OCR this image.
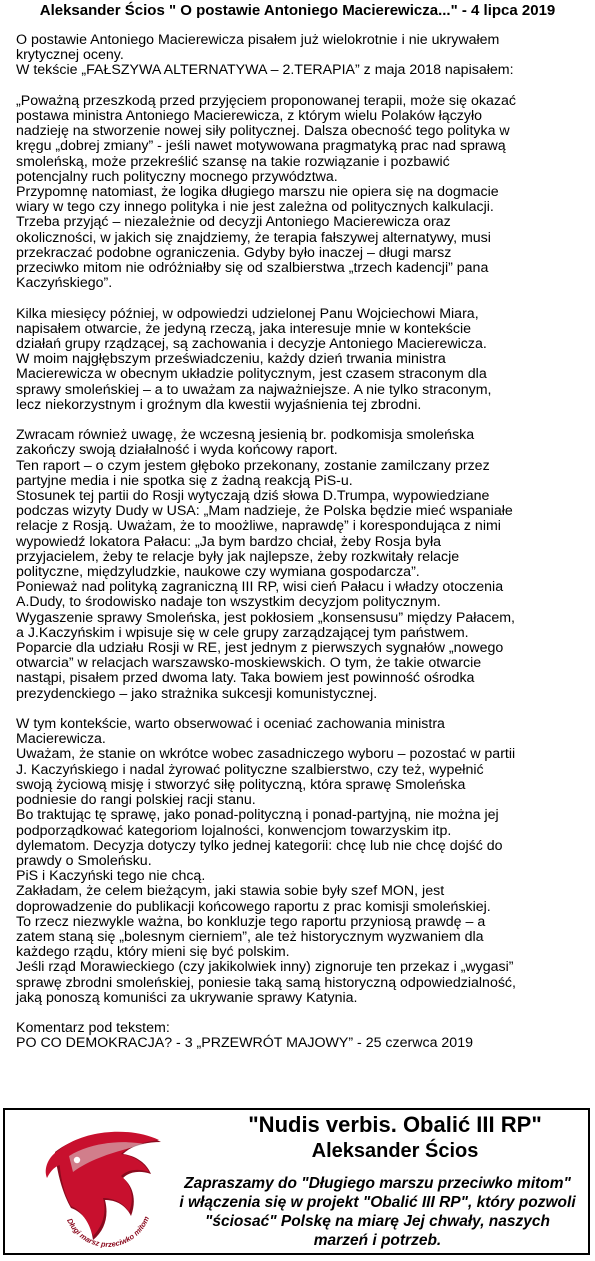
Aleksander Ścios " O postawie Antoniego Macierewicza..." - 4 lipca 2019

O postawie Antoniego Macierewicza pisałem już wielokrotnie i nie ukrywałem
krytycznej oceny.
W tekście „FAŁSZYWA ALTERNATYWA – 2.TERAPIA” z maja 2018 napisałem:

„Poważną przeszkodą przed przyjęciem proponowanej terapii, może się okazać
postawa ministra Antoniego Macierewicza, z którym wielu Polaków łączyło
nadzieję na stworzenie nowej siły politycznej. Dalsza obecność tego polityka w
kręgu „dobrej zmiany” - jeśli nawet motywowana pragmatyką prac nad sprawą
smoleńską, może przekreślić szansę na takie rozwiązanie i pozbawić
potencjalny ruch polityczny mocnego przywództwa.
Przypomnę natomiast, że logika długiego marszu nie opiera się na dogmacie
wiary w tego czy innego polityka i nie jest zależna od politycznych kalkulacji.
Trzeba przyjąć – niezależnie od decyzji Antoniego Macierewicza oraz
okoliczności, w jakich się znajdziemy, że terapia fałszywej alternatywy, musi
przekraczać podobne ograniczenia. Gdyby było inaczej – długi marsz
przeciwko mitom nie odróżniałby się od szalbierstwa „trzech kadencji” pana
Kaczyńskiego”.

Kilka miesięcy później, w odpowiedzi udzielonej Panu Wojciechowi Miara,
napisałem otwarcie, że jedyną rzeczą, jaka interesuje mnie w kontekście
działań grupy rządzącej, są zachowania i decyzje Antoniego Macierewicza.
W moim najgłębszym przeświadczeniu, każdy dzień trwania ministra
Macierewicza w obecnym układzie politycznym, jest czasem straconym dla
sprawy smoleńskiej – a to uważam za najważniejsze. A nie tylko straconym,
lecz niekorzystnym i groźnym dla kwestii wyjaśnienia tej zbrodni.

Zwracam również uwagę, że wczesną jesienią br. podkomisja smoleńska
zakończy swoją działalność i wyda końcowy raport.
Ten raport – o czym jestem głęboko przekonany, zostanie zamilczany przez
partyjne media i nie spotka się z żadną reakcją PiS-u.
Stosunek tej partii do Rosji wytyczają dziś słowa D.Trumpa, wypowiedziane
podczas wizyty Dudy w USA: „Mam nadzieje, że Polska będzie mieć wspaniałe
relacje z Rosją. Uważam, że to moożliwe, naprawdę” i korespondująca z nimi
wypowiedź lokatora Pałacu: „Ja bym bardzo chciał, żeby Rosja była
przyjacielem, żeby te relacje były jak najlepsze, żeby rozkwitały relacje
polityczne, międzyludzkie, naukowe czy wymiana gospodarcza”.
Ponieważ nad polityką zagraniczną III RP, wisi cień Pałacu i władzy otoczenia
A.Dudy, to środowisko nadaje ton wszystkim decyzjom politycznym.
Wygaszenie sprawy Smoleńska, jest pokłosiem „konsensusu” między Pałacem,
a J.Kaczyńskim i wpisuje się w cele grupy zarządzającej tym państwem.
Poparcie dla udziału Rosji w RE, jest jednym z pierwszych sygnałów „nowego
otwarcia” w relacjach warszawsko-moskiewskich. O tym, że takie otwarcie
nastąpi, pisałem przed dwoma laty. Taka bowiem jest powinność ośrodka
prezydenckiego – jako strażnika sukcesji komunistycznej.

W tym kontekście, warto obserwować i oceniać zachowania ministra
Macierewicza.
Uważam, że stanie on wkrótce wobec zasadniczego wyboru – pozostać w partii
J. Kaczyńskiego i nadal żyrować polityczne szalbierstwo, czy też, wypełnić
swoją życiową misję i stworzyć siłę polityczną, która sprawę Smoleńska
podniesie do rangi polskiej racji stanu.
Bo traktując tę sprawę, jako ponad-polityczną i ponad-partyjną, nie można jej
podporządkować kategoriom lojalności, konwencjom towarzyskim itp.
dylematom. Decyzja dotyczy tylko jednej kategorii: chcę lub nie chcę dojść do
prawdy o Smoleńsku.
PiS i Kaczyński tego nie chcą.
Zakładam, że celem bieżącym, jaki stawia sobie były szef MON, jest
doprowadzenie do publikacji końcowego raportu z prac komisji smoleńskiej.
To rzecz niezwykle ważna, bo konkluzje tego raportu przyniosą prawdę – a
zatem staną się „bolesnym cierniem”, ale też historycznym wyzwaniem dla
każdego rządu, który mieni się być polskim.
Jeśli rząd Morawieckiego (czy jakikolwiek inny) zignoruje ten przekaz i „wygasi”
sprawę zbrodni smoleńskiej, poniesie taką samą historyczną odpowiedzialność,
jaką ponoszą komuniści za ukrywanie sprawy Katynia.

Komentarz pod tekstem:
PO CO DEMOKRACJA? - 3 „PRZEWRÓT MAJOWY” - 25 czerwca 2019

Długi marsz przeciwko mitom
"Nudis verbis. Obalić III RP"
Aleksander Ścios
Zapraszamy do "Długiego marszu przeciwko mitom"
i włączenia się w projekt "Obalić III RP", który pozwoli
"ściosać" Polskę na miarę Jej chwały, naszych
marzeń i potrzeb.
